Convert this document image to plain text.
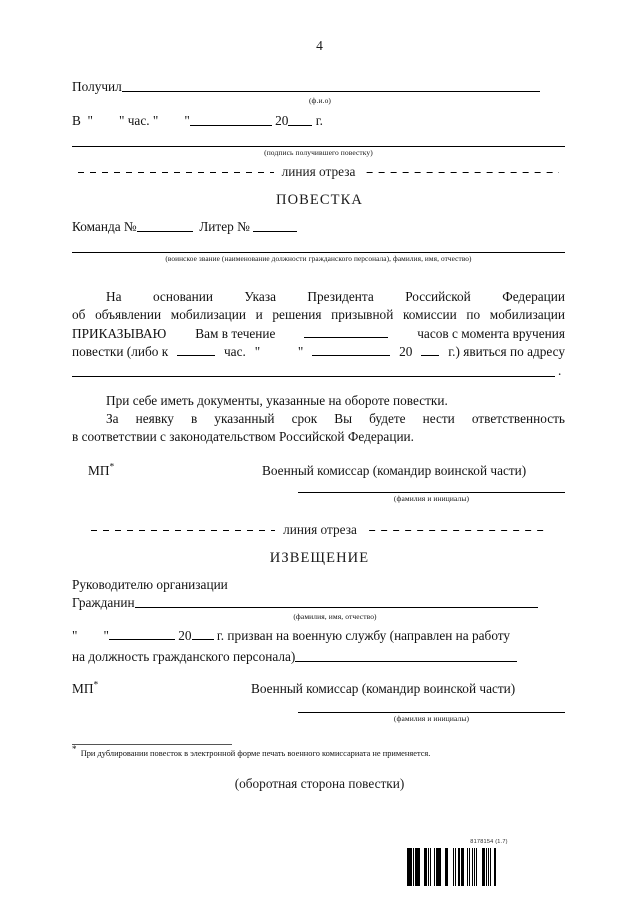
4
Получил
(ф.и.о)
В " " час. " "	20 г.
(подпись получившего повестку)
линия отреза
ПОВЕСТКА
Команда №	Литер №
(воинское звание (наименование должности гражданского персонала), фамилия, имя, отчество)
На основании Указа Президента Российской Федерации
об объявлении мобилизации и решения призывной комиссии по мобилизации
ПРИКАЗЫВАЮ Вам в течение	часов с момента вручения
повестки (либо к	час. "	"	20	г.) явиться по адресу
.
При себе иметь документы, указанные на обороте повестки.
За неявку в указанный срок Вы будете нести ответственность
в соответствии с законодательством Российской Федерации.
МП*	Военный комиссар (командир воинской части)
(фамилия и инициалы)
линия отреза
ИЗВЕЩЕНИЕ
Руководителю организации
Гражданин
(фамилия, имя, отчество)
" "
	20
г. призван на военную службу (направлен на работу
на должность гражданского персонала)
МП*	Военный комиссар (командир воинской части)
(фамилия и инициалы)
* При дублировании повесток в электронной форме печать военного комиссариата не применяется.
(оборотная сторона повестки)
8178154 (1.7)
